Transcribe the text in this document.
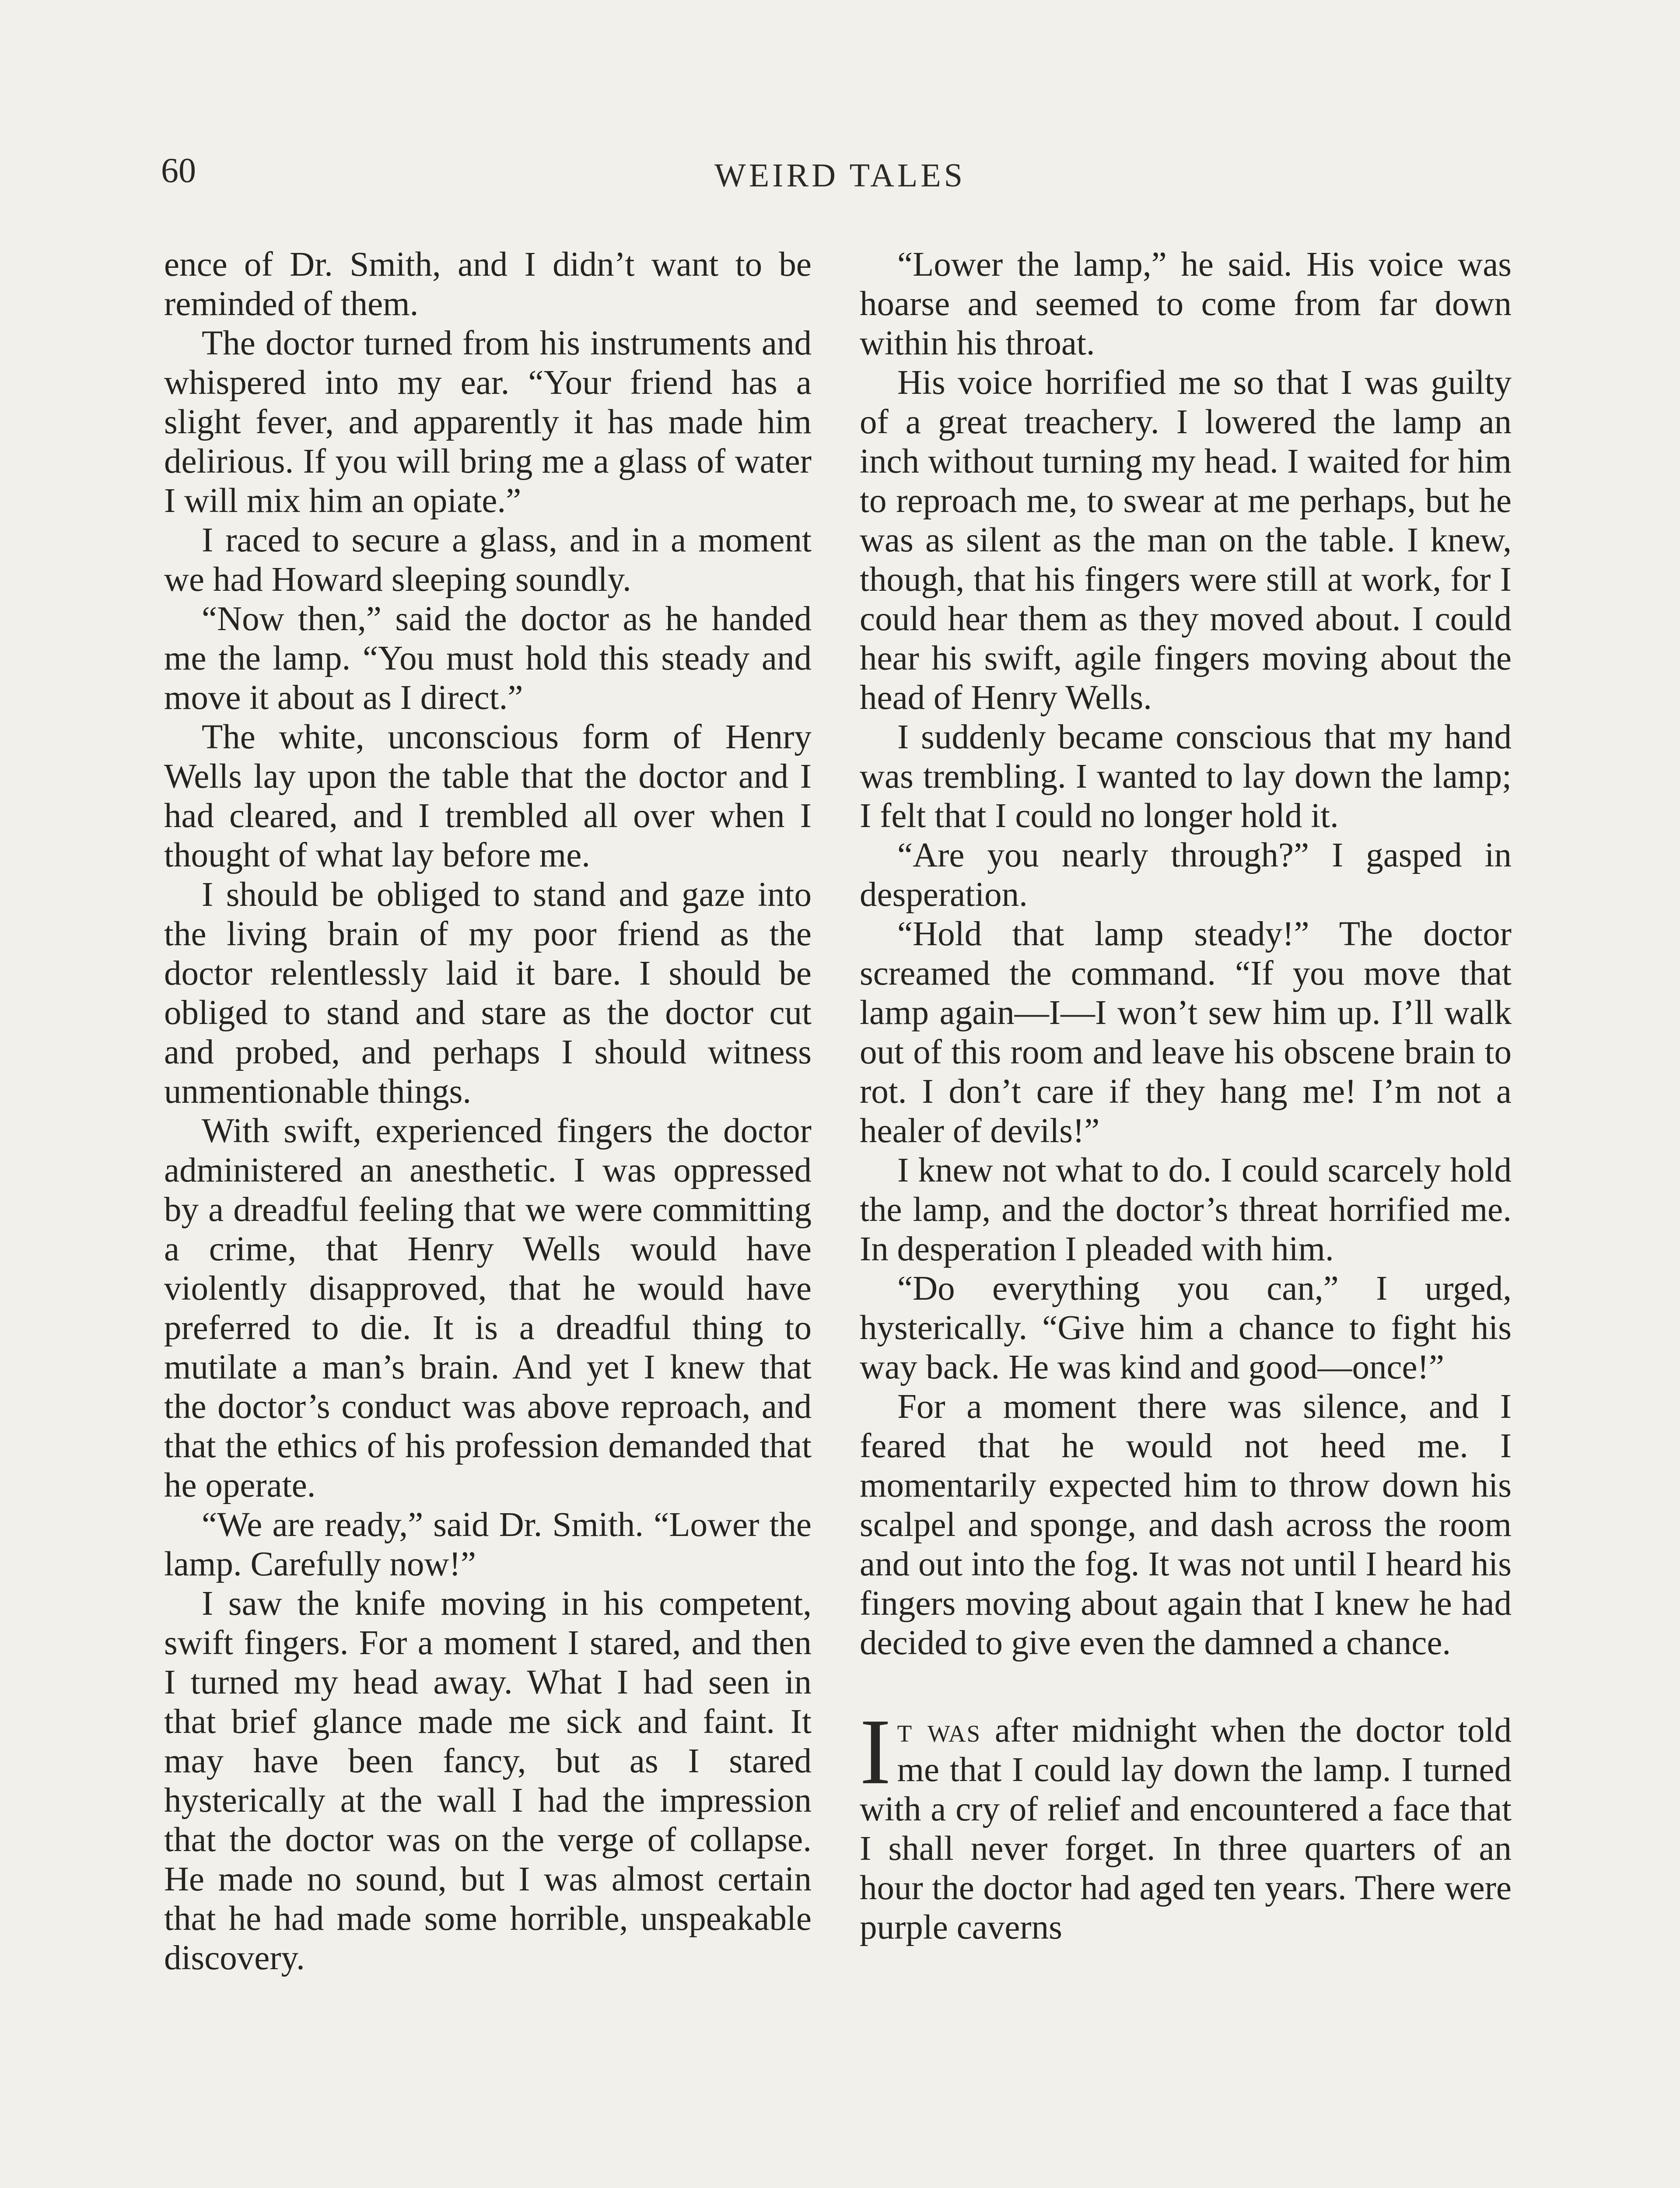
60	WEIRD TALES

ence of Dr. Smith, and I didn’t want to be reminded of them.

The doctor turned from his instruments and whispered into my ear. “Your friend has a slight fever, and apparently it has made him delirious. If you will bring me a glass of water I will mix him an opiate.”

I raced to secure a glass, and in a moment we had Howard sleeping soundly.

“Now then,” said the doctor as he handed me the lamp. “You must hold this steady and move it about as I direct.”

The white, unconscious form of Henry Wells lay upon the table that the doctor and I had cleared, and I trembled all over when I thought of what lay before me.

I should be obliged to stand and gaze into the living brain of my poor friend as the doctor relentlessly laid it bare. I should be obliged to stand and stare as the doctor cut and probed, and perhaps I should witness unmentionable things.

With swift, experienced fingers the doctor administered an anesthetic. I was oppressed by a dreadful feeling that we were committing a crime, that Henry Wells would have violently disapproved, that he would have preferred to die. It is a dreadful thing to mutilate a man’s brain. And yet I knew that the doctor’s conduct was above reproach, and that the ethics of his profession demanded that he operate.

“We are ready,” said Dr. Smith. “Lower the lamp. Carefully now!”

I saw the knife moving in his competent, swift fingers. For a moment I stared, and then I turned my head away. What I had seen in that brief glance made me sick and faint. It may have been fancy, but as I stared hysterically at the wall I had the impression that the doctor was on the verge of collapse. He made no sound, but I was almost certain that he had made some horrible, unspeakable discovery.

“Lower the lamp,” he said. His voice was hoarse and seemed to come from far down within his throat.

His voice horrified me so that I was guilty of a great treachery. I lowered the lamp an inch without turning my head. I waited for him to reproach me, to swear at me perhaps, but he was as silent as the man on the table. I knew, though, that his fingers were still at work, for I could hear them as they moved about. I could hear his swift, agile fingers moving about the head of Henry Wells.

I suddenly became conscious that my hand was trembling. I wanted to lay down the lamp; I felt that I could no longer hold it.

“Are you nearly through?” I gasped in desperation.

“Hold that lamp steady!” The doctor screamed the command. “If you move that lamp again—I—I won’t sew him up. I’ll walk out of this room and leave his obscene brain to rot. I don’t care if they hang me! I’m not a healer of devils!”

I knew not what to do. I could scarcely hold the lamp, and the doctor’s threat horrified me. In desperation I pleaded with him.

“Do everything you can,” I urged, hysterically. “Give him a chance to fight his way back. He was kind and good—once!”

For a moment there was silence, and I feared that he would not heed me. I momentarily expected him to throw down his scalpel and sponge, and dash across the room and out into the fog. It was not until I heard his fingers moving about again that I knew he had decided to give even the damned a chance.

It was after midnight when the doctor told me that I could lay down the lamp. I turned with a cry of relief and encountered a face that I shall never forget. In three quarters of an hour the doctor had aged ten years. There were purple caverns
